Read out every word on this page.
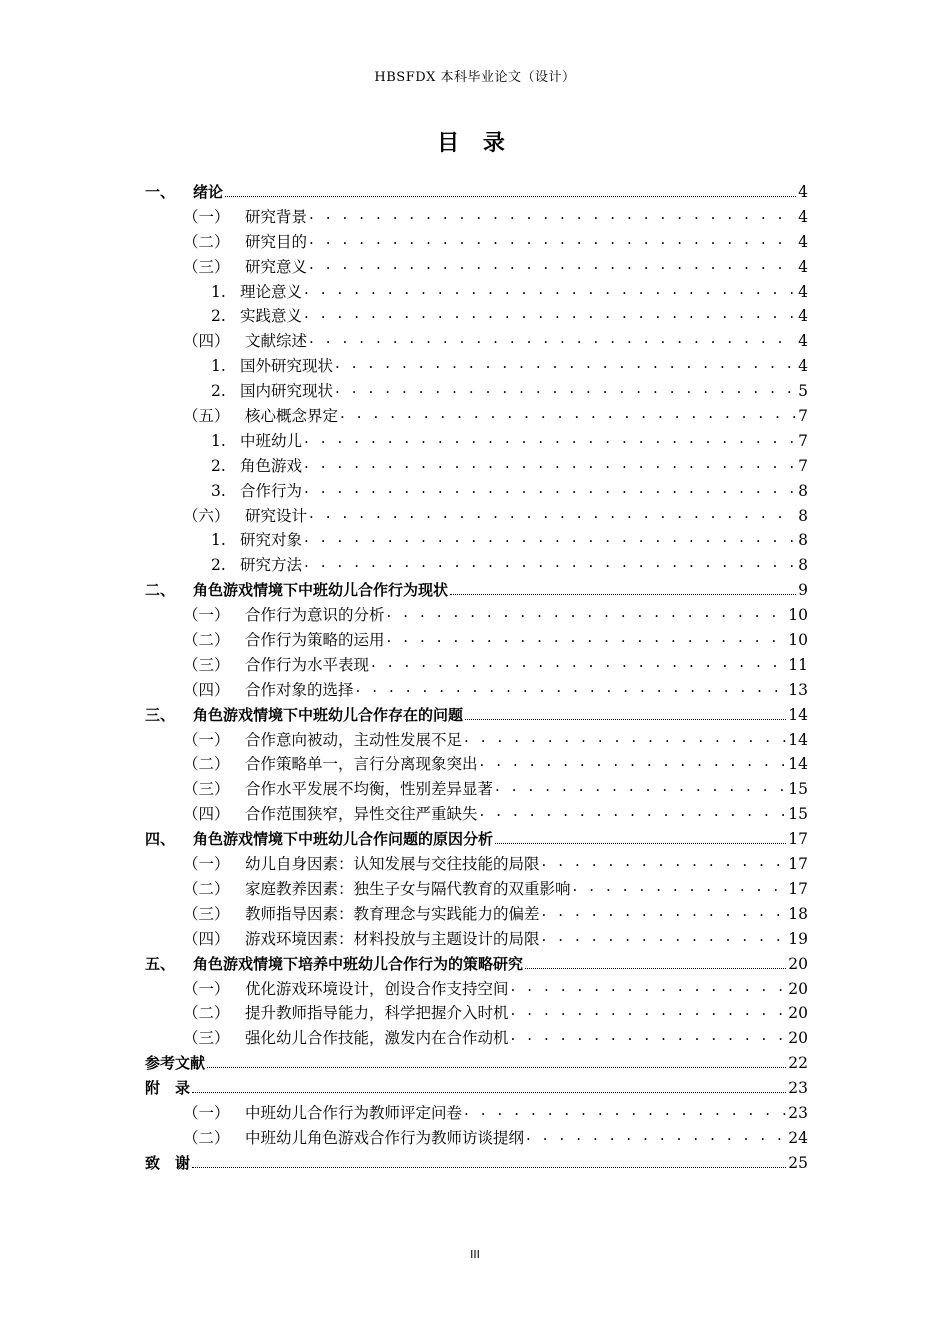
HBSFDX 本科毕业论文（设计）
目 录
一、	绪论	4
（一） 研究背景 . . .	4
（二） 研究目的 . . .	4
（三） 研究意义 . . .	4
1. 理论意义 . . .	4
2. 实践意义 . . .	4
（四） 文献综述 . . .	4
1. 国外研究现状 . . .	4
2. 国内研究现状 . . .	5
（五） 核心概念界定 . . .	7
1. 中班幼儿 . . .	7
2. 角色游戏 . . .	7
3. 合作行为 . . .	8
（六） 研究设计 . . .	8
1. 研究对象 . . .	8
2. 研究方法 . . .	8
二、	角色游戏情境下中班幼儿合作行为现状	9
（一） 合作行为意识的分析 . . .	10
（二） 合作行为策略的运用 . . .	10
（三） 合作行为水平表现 . . .	11
（四） 合作对象的选择 . . .	13
三、	角色游戏情境下中班幼儿合作存在的问题	14
（一） 合作意向被动，主动性发展不足 . . .	14
（二） 合作策略单一，言行分离现象突出 . . .	14
（三） 合作水平发展不均衡，性别差异显著 . . .	15
（四） 合作范围狭窄，异性交往严重缺失 . . .	15
四、	角色游戏情境下中班幼儿合作问题的原因分析	17
（一） 幼儿自身因素：认知发展与交往技能的局限 . . .	17
（二） 家庭教养因素：独生子女与隔代教育的双重影响 . . .	17
（三） 教师指导因素：教育理念与实践能力的偏差 . . .	18
（四） 游戏环境因素：材料投放与主题设计的局限 . . .	19
五、	角色游戏情境下培养中班幼儿合作行为的策略研究	20
（一） 优化游戏环境设计，创设合作支持空间 . . .	20
（二） 提升教师指导能力，科学把握介入时机 . . .	20
（三） 强化幼儿合作技能，激发内在合作动机 . . .	20
参考文献	22
附　录	23
（一） 中班幼儿合作行为教师评定问卷 . . .	23
（二） 中班幼儿角色游戏合作行为教师访谈提纲 . . .	24
致　谢	25
III
